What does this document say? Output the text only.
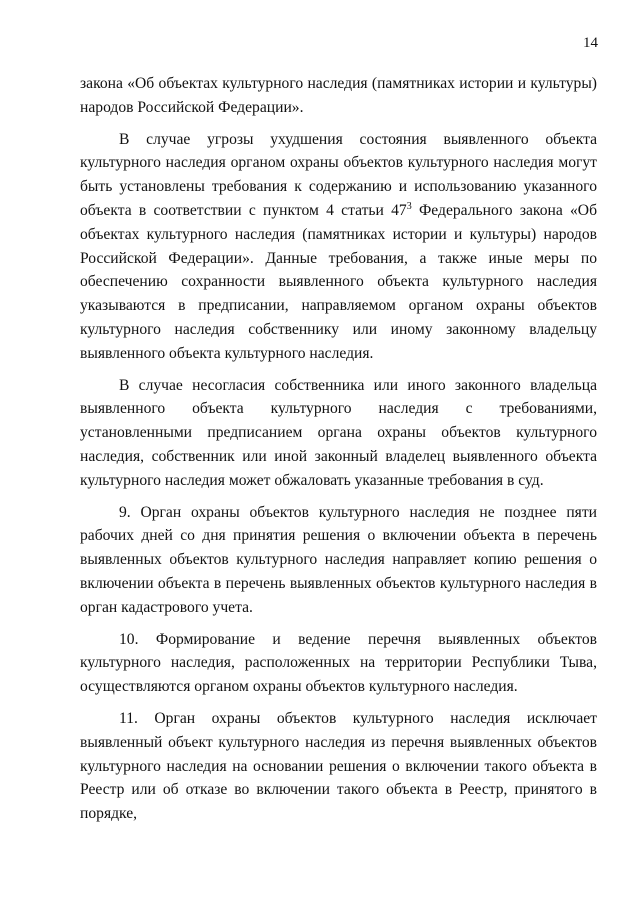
14

закона «Об объектах культурного наследия (памятниках истории и культуры) народов Российской Федерации».

В случае угрозы ухудшения состояния выявленного объекта культурного наследия органом охраны объектов культурного наследия могут быть установлены требования к содержанию и использованию указанного объекта в соответствии с пунктом 4 статьи $47^3$ Федерального закона «Об объектах культурного наследия (памятниках истории и культуры) народов Российской Федерации». Данные требования, а также иные меры по обеспечению сохранности выявленного объекта культурного наследия указываются в предписании, направляемом органом охраны объектов культурного наследия собственнику или иному законному владельцу выявленного объекта культурного наследия.

В случае несогласия собственника или иного законного владельца выявленного объекта культурного наследия с требованиями, установленными предписанием органа охраны объектов культурного наследия, собственник или иной законный владелец выявленного объекта культурного наследия может обжаловать указанные требования в суд.

9. Орган охраны объектов культурного наследия не позднее пяти рабочих дней со дня принятия решения о включении объекта в перечень выявленных объектов культурного наследия направляет копию решения о включении объекта в перечень выявленных объектов культурного наследия в орган кадастрового учета.

10. Формирование и ведение перечня выявленных объектов культурного наследия, расположенных на территории Республики Тыва, осуществляются органом охраны объектов культурного наследия.

11. Орган охраны объектов культурного наследия исключает выявленный объект культурного наследия из перечня выявленных объектов культурного наследия на основании решения о включении такого объекта в Реестр или об отказе во включении такого объекта в Реестр, принятого в порядке,
